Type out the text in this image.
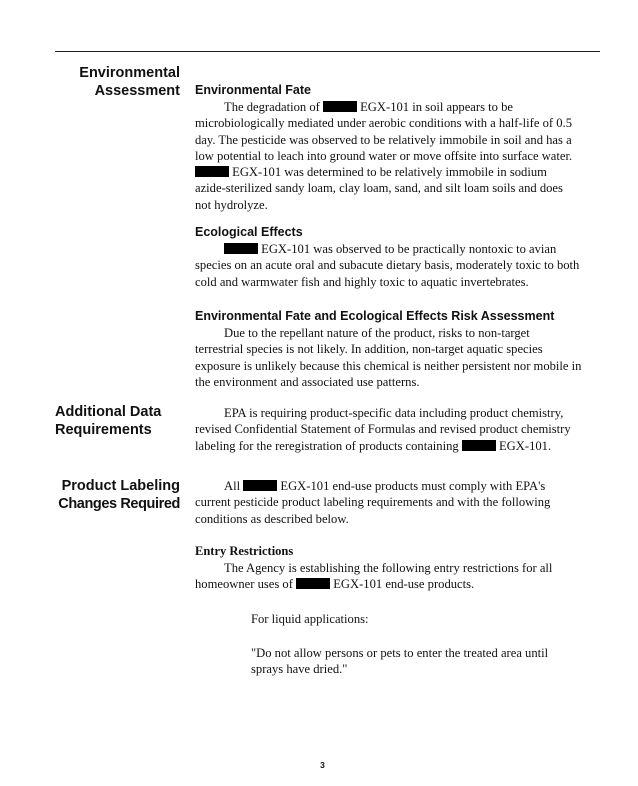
Environmental
Assessment
Additional Data
Requirements
Product Labeling
Changes Required
Environmental Fate
The degradation of	EGX-101 in soil appears to be
microbiologically mediated under aerobic conditions with a half-life of 0.5
day. The pesticide was observed to be relatively immobile in soil and has a
low potential to leach into ground water or move offsite into surface water.
EGX-101 was determined to be relatively immobile in sodium
azide-sterilized sandy loam, clay loam, sand, and silt loam soils and does
not hydrolyze.
Ecological Effects
EGX-101 was observed to be practically nontoxic to avian
species on an acute oral and subacute dietary basis, moderately toxic to both
cold and warmwater fish and highly toxic to aquatic invertebrates.
Environmental Fate and Ecological Effects Risk Assessment
Due to the repellant nature of the product, risks to non-target
terrestrial species is not likely. In addition, non-target aquatic species
exposure is unlikely because this chemical is neither persistent nor mobile in
the environment and associated use patterns.
EPA is requiring product-specific data including product chemistry,
revised Confidential Statement of Formulas and revised product chemistry
labeling for the reregistration of products containing	EGX-101.
All	EGX-101 end-use products must comply with EPA's
current pesticide product labeling requirements and with the following
conditions as described below.
Entry Restrictions
The Agency is establishing the following entry restrictions for all
homeowner uses of	EGX-101 end-use products.
For liquid applications:
"Do not allow persons or pets to enter the treated area until
sprays have dried."
3
